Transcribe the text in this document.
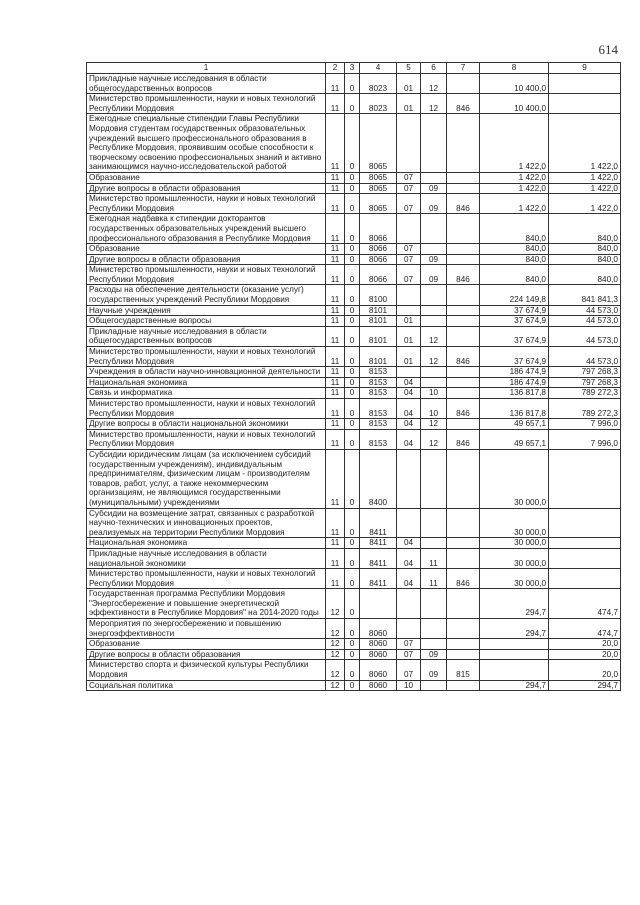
614
1	2	3	4	5	6	7	8	9
Прикладные научные исследования в области общегосударственных вопросов	11	0	8023	01	12		10 400,0	
Министерство промышленности, науки и новых технологий Республики Мордовия	11	0	8023	01	12	846	10 400,0	
Ежегодные специальные стипендии Главы Республики Мордовия студентам государственных образовательных учреждений высшего профессионального образования в Республике Мордовия, проявившим особые способности к творческому освоению профессиональных знаний и активно занимающимся научно-исследовательской работой	11	0	8065				1 422,0	1 422,0
Образование	11	0	8065	07			1 422,0	1 422,0
Другие вопросы в области образования	11	0	8065	07	09		1 422,0	1 422,0
Министерство промышленности, науки и новых технологий Республики Мордовия	11	0	8065	07	09	846	1 422,0	1 422,0
Ежегодная надбавка к стипендии докторантов государственных образовательных учреждений высшего профессионального образования в Республике Мордовия	11	0	8066				840,0	840,0
Образование	11	0	8066	07			840,0	840,0
Другие вопросы в области образования	11	0	8066	07	09		840,0	840,0
Министерство промышленности, науки и новых технологий Республики Мордовия	11	0	8066	07	09	846	840,0	840,0
Расходы на обеспечение деятельности (оказание услуг) государственных учреждений Республики Мордовия	11	0	8100				224 149,8	841 841,3
Научные учреждения	11	0	8101				37 674,9	44 573,0
Общегосударственные вопросы	11	0	8101	01			37 674,9	44 573,0
Прикладные научные исследования в области общегосударственных вопросов	11	0	8101	01	12		37 674,9	44 573,0
Министерство промышленности, науки и новых технологий Республики Мордовия	11	0	8101	01	12	846	37 674,9	44 573,0
Учреждения в области научно-инновационной деятельности	11	0	8153				186 474,9	797 268,3
Национальная экономика	11	0	8153	04			186 474,9	797 268,3
Связь и информатика	11	0	8153	04	10		136 817,8	789 272,3
Министерство промышленности, науки и новых технологий Республики Мордовия	11	0	8153	04	10	846	136 817,8	789 272,3
Другие вопросы в области национальной экономики	11	0	8153	04	12		49 657,1	7 996,0
Министерство промышленности, науки и новых технологий Республики Мордовия	11	0	8153	04	12	846	49 657,1	7 996,0
Субсидии юридическим лицам (за исключением субсидий государственным учреждениям), индивидуальным предпринимателям, физическим лицам - производителям товаров, работ, услуг, а также некоммерческим организациям, не являющимся государственными (муниципальными) учреждениями	11	0	8400				30 000,0	
Субсидии на возмещение затрат, связанных с разработкой научно-технических и инновационных проектов, реализуемых на территории Республики Мордовия	11	0	8411				30 000,0	
Национальная экономика	11	0	8411	04			30 000,0	
Прикладные научные исследования в области национальной экономики	11	0	8411	04	11		30 000,0	
Министерство промышленности, науки и новых технологий Республики Мордовия	11	0	8411	04	11	846	30 000,0	
Государственная программа Республики Мордовия "Энергосбережение и повышение энергетической эффективности в Республике Мордовия" на 2014-2020 годы	12	0					294,7	474,7
Мероприятия по энергосбережению и повышению энергоэффективности	12	0	8060				294,7	474,7
Образование	12	0	8060	07				20,0
Другие вопросы в области образования	12	0	8060	07	09			20,0
Министерство спорта и физической культуры Республики Мордовия	12	0	8060	07	09	815		20,0
Социальная политика	12	0	8060	10			294,7	294,7
